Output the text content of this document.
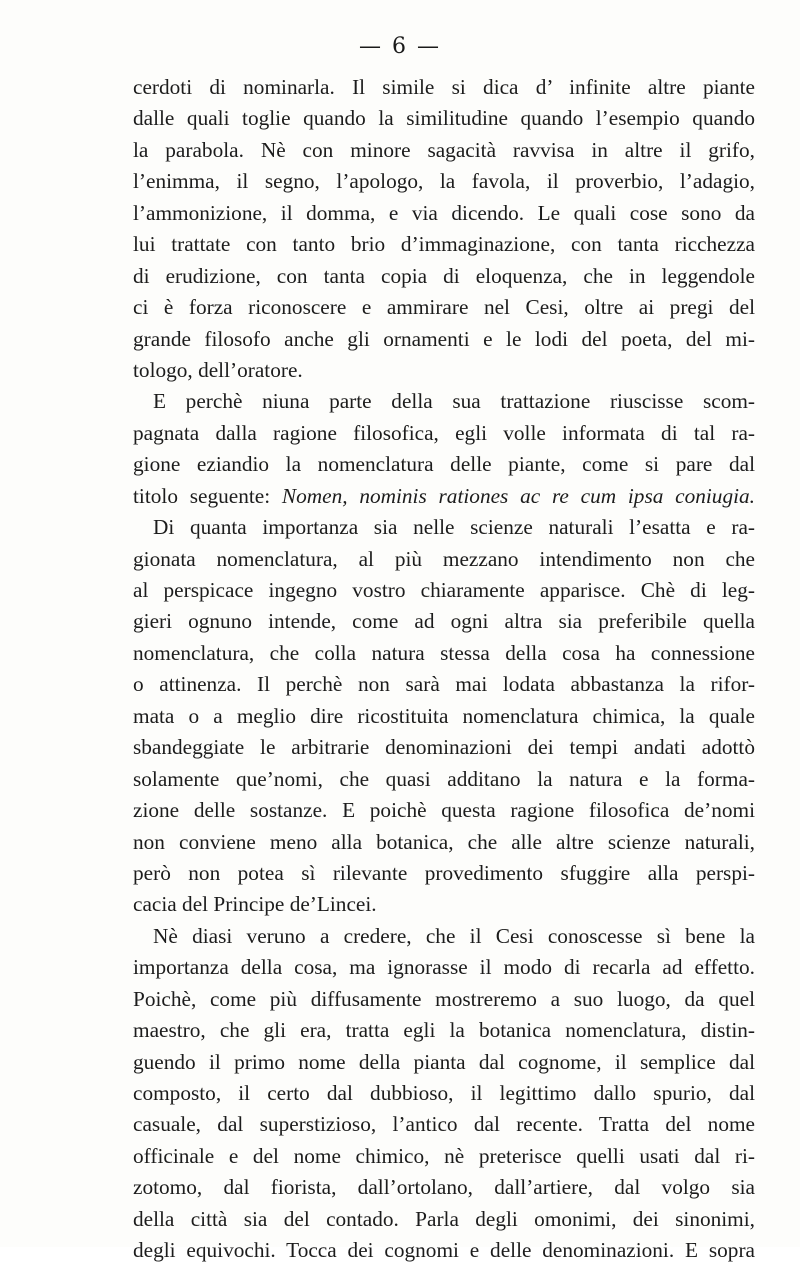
— 6 —
cerdoti di nominarla. Il simile si dica d’ infinite altre piante
dalle quali toglie quando la similitudine quando l’esempio quando
la parabola. Nè con minore sagacità ravvisa in altre il grifo,
l’enimma, il segno, l’apologo, la favola, il proverbio, l’adagio,
l’ammonizione, il domma, e via dicendo. Le quali cose sono da
lui trattate con tanto brio d’immaginazione, con tanta ricchezza
di erudizione, con tanta copia di eloquenza, che in leggendole
ci è forza riconoscere e ammirare nel Cesi, oltre ai pregi del
grande filosofo anche gli ornamenti e le lodi del poeta, del mi-
tologo, dell’oratore.
E perchè niuna parte della sua trattazione riuscisse scom-
pagnata dalla ragione filosofica, egli volle informata di tal ra-
gione eziandio la nomenclatura delle piante, come si pare dal
titolo seguente: Nomen, nominis rationes ac re cum ipsa coniugia.
Di quanta importanza sia nelle scienze naturali l’esatta e ra-
gionata nomenclatura, al più mezzano intendimento non che
al perspicace ingegno vostro chiaramente apparisce. Chè di leg-
gieri ognuno intende, come ad ogni altra sia preferibile quella
nomenclatura, che colla natura stessa della cosa ha connessione
o attinenza. Il perchè non sarà mai lodata abbastanza la rifor-
mata o a meglio dire ricostituita nomenclatura chimica, la quale
sbandeggiate le arbitrarie denominazioni dei tempi andati adottò
solamente que’nomi, che quasi additano la natura e la forma-
zione delle sostanze. E poichè questa ragione filosofica de’nomi
non conviene meno alla botanica, che alle altre scienze naturali,
però non potea sì rilevante provedimento sfuggire alla perspi-
cacia del Principe de’Lincei.
Nè diasi veruno a credere, che il Cesi conoscesse sì bene la
importanza della cosa, ma ignorasse il modo di recarla ad effetto.
Poichè, come più diffusamente mostreremo a suo luogo, da quel
maestro, che gli era, tratta egli la botanica nomenclatura, distin-
guendo il primo nome della pianta dal cognome, il semplice dal
composto, il certo dal dubbioso, il legittimo dallo spurio, dal
casuale, dal superstizioso, l’antico dal recente. Tratta del nome
officinale e del nome chimico, nè preterisce quelli usati dal ri-
zotomo, dal fiorista, dall’ortolano, dall’artiere, dal volgo sia
della città sia del contado. Parla degli omonimi, dei sinonimi,
degli equivochi. Tocca dei cognomi e delle denominazioni. E sopra
